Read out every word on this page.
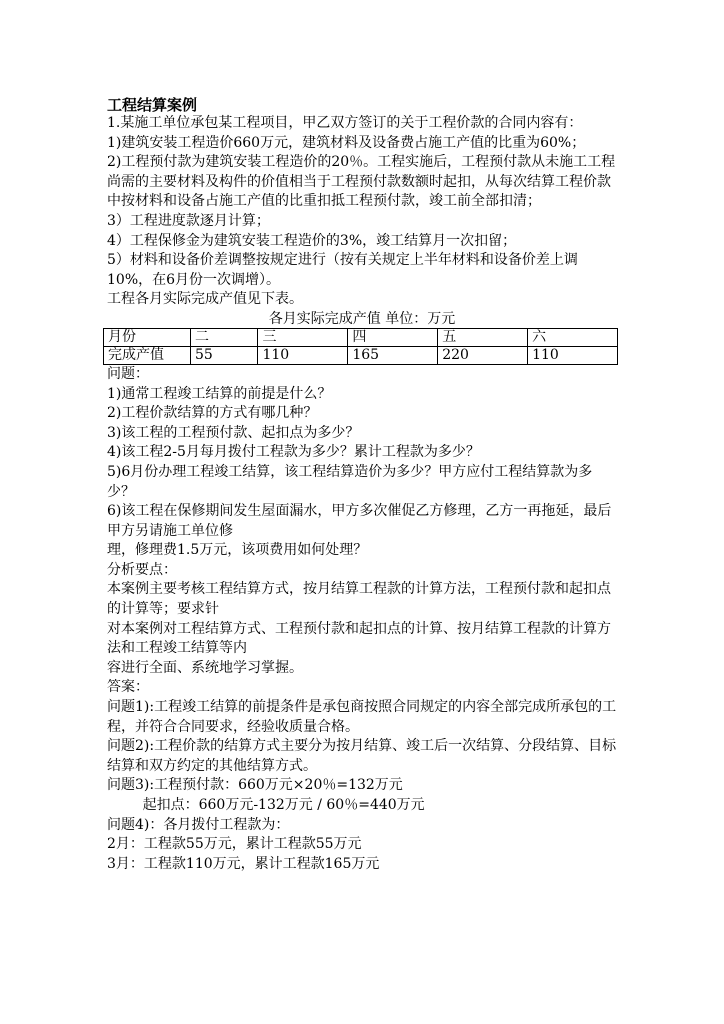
工程结算案例

1.某施工单位承包某工程项目，甲乙双方签订的关于工程价款的合同内容有：

1)建筑安装工程造价660万元，建筑材料及设备费占施工产值的比重为60%；

2)工程预付款为建筑安装工程造价的20％。工程实施后，工程预付款从未施工工程尚需的主要材料及构件的价值相当于工程预付款数额时起扣，从每次结算工程价款中按材料和设备占施工产值的比重扣抵工程预付款，竣工前全部扣清；

3）工程进度款逐月计算；

4）工程保修金为建筑安装工程造价的3%，竣工结算月一次扣留；

5）材料和设备价差调整按规定进行（按有关规定上半年材料和设备价差上调10%，在6月份一次调增）。

工程各月实际完成产值见下表。

各月实际完成产值 单位：万元

月份	二	三	四	五	六
完成产值	55	110	165	220	110

问题：

1)通常工程竣工结算的前提是什么？

2)工程价款结算的方式有哪几种？

3)该工程的工程预付款、起扣点为多少？

4)该工程2-5月每月拨付工程款为多少？累计工程款为多少？

5)6月份办理工程竣工结算，该工程结算造价为多少？甲方应付工程结算款为多少？

6)该工程在保修期间发生屋面漏水，甲方多次催促乙方修理，乙方一再拖延，最后甲方另请施工单位修

理，修理费1.5万元，该项费用如何处理？

分析要点：

本案例主要考核工程结算方式，按月结算工程款的计算方法，工程预付款和起扣点的计算等；要求针

对本案例对工程结算方式、工程预付款和起扣点的计算、按月结算工程款的计算方法和工程竣工结算等内

容进行全面、系统地学习掌握。

答案：

问题1):工程竣工结算的前提条件是承包商按照合同规定的内容全部完成所承包的工程，并符合合同要求，经验收质量合格。

问题2):工程价款的结算方式主要分为按月结算、竣工后一次结算、分段结算、目标结算和双方约定的其他结算方式。

问题3):工程预付款：660万元×20％=132万元

起扣点：660万元-132万元 / 60％=440万元

问题4)：各月拨付工程款为：

2月：工程款55万元，累计工程款55万元

3月：工程款110万元，累计工程款165万元
